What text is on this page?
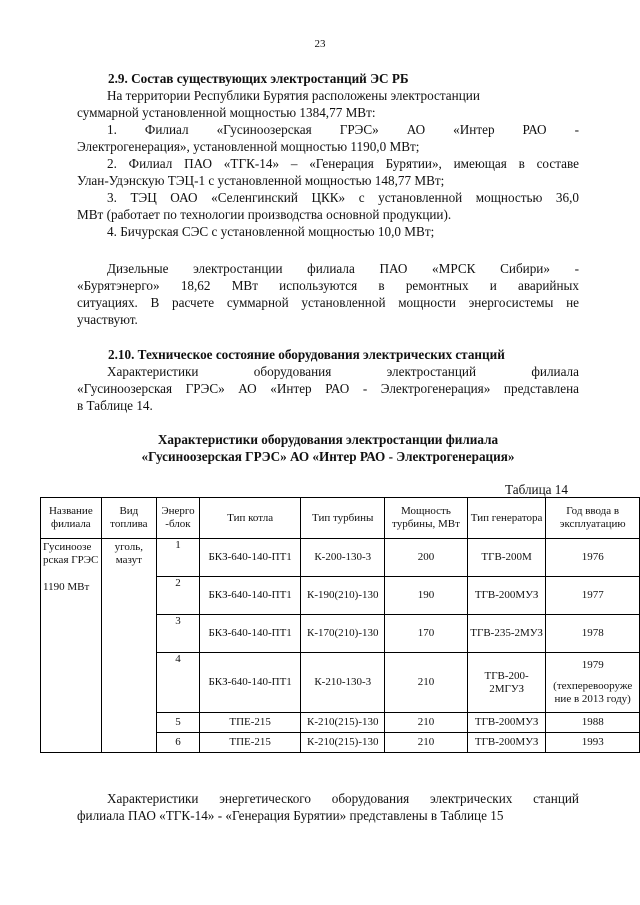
23

2.9. Состав существующих электростанций ЭС РБ

На территории Республики Бурятия расположены электростанции
суммарной установленной мощностью 1384,77 МВт:

1. Филиал «Гусиноозерская ГРЭС» АО «Интер РАО -
Электрогенерация», установленной мощностью 1190,0 МВт;

2. Филиал ПАО «ТГК-14» – «Генерация Бурятии», имеющая в составе
Улан-Удэнскую ТЭЦ-1 с установленной мощностью 148,77 МВт;

3. ТЭЦ ОАО «Селенгинский ЦКК» с установленной мощностью 36,0
МВт (работает по технологии производства основной продукции).

4. Бичурская СЭС с установленной мощностью 10,0 МВт;

Дизельные электростанции филиала ПАО «МРСК Сибири» -
«Бурятэнерго» 18,62 МВт используются в ремонтных и аварийных
ситуациях. В расчете суммарной установленной мощности энергосистемы не
участвуют.

2.10. Техническое состояние оборудования электрических станций

Характеристики оборудования электростанций филиала
«Гусиноозерская ГРЭС» АО «Интер РАО - Электрогенерация» представлена
в Таблице 14.

Характеристики оборудования электростанции филиала
«Гусиноозерская ГРЭС» АО «Интер РАО - Электрогенерация»

Таблица 14
Название филиала	Вид топлива	Энерго -блок	Тип котла	Тип турбины	Мощность турбины, МВт	Тип генератора	Год ввода в эксплуатацию

Гусиноозе рская ГРЭС
1190 МВт	уголь, мазут	1	БКЗ-640-140-ПТ1	К-200-130-3	200	ТГВ-200М	1976
		2	БКЗ-640-140-ПТ1	К-190(210)-130	190	ТГВ-200МУЗ	1977
		3	БКЗ-640-140-ПТ1	К-170(210)-130	170	ТГВ-235-2МУЗ	1978
		4	БКЗ-640-140-ПТ1	К-210-130-3	210	ТГВ-200-2МГУЗ	1979
(техперевооруже ние в 2013 году)

		5	ТПЕ-215	К-210(215)-130	210	ТГВ-200МУЗ	1988
		6	ТПЕ-215	К-210(215)-130	210	ТГВ-200МУЗ	1993

Характеристики энергетического оборудования электрических станций
филиала ПАО «ТГК-14» - «Генерация Бурятии» представлены в Таблице 15
